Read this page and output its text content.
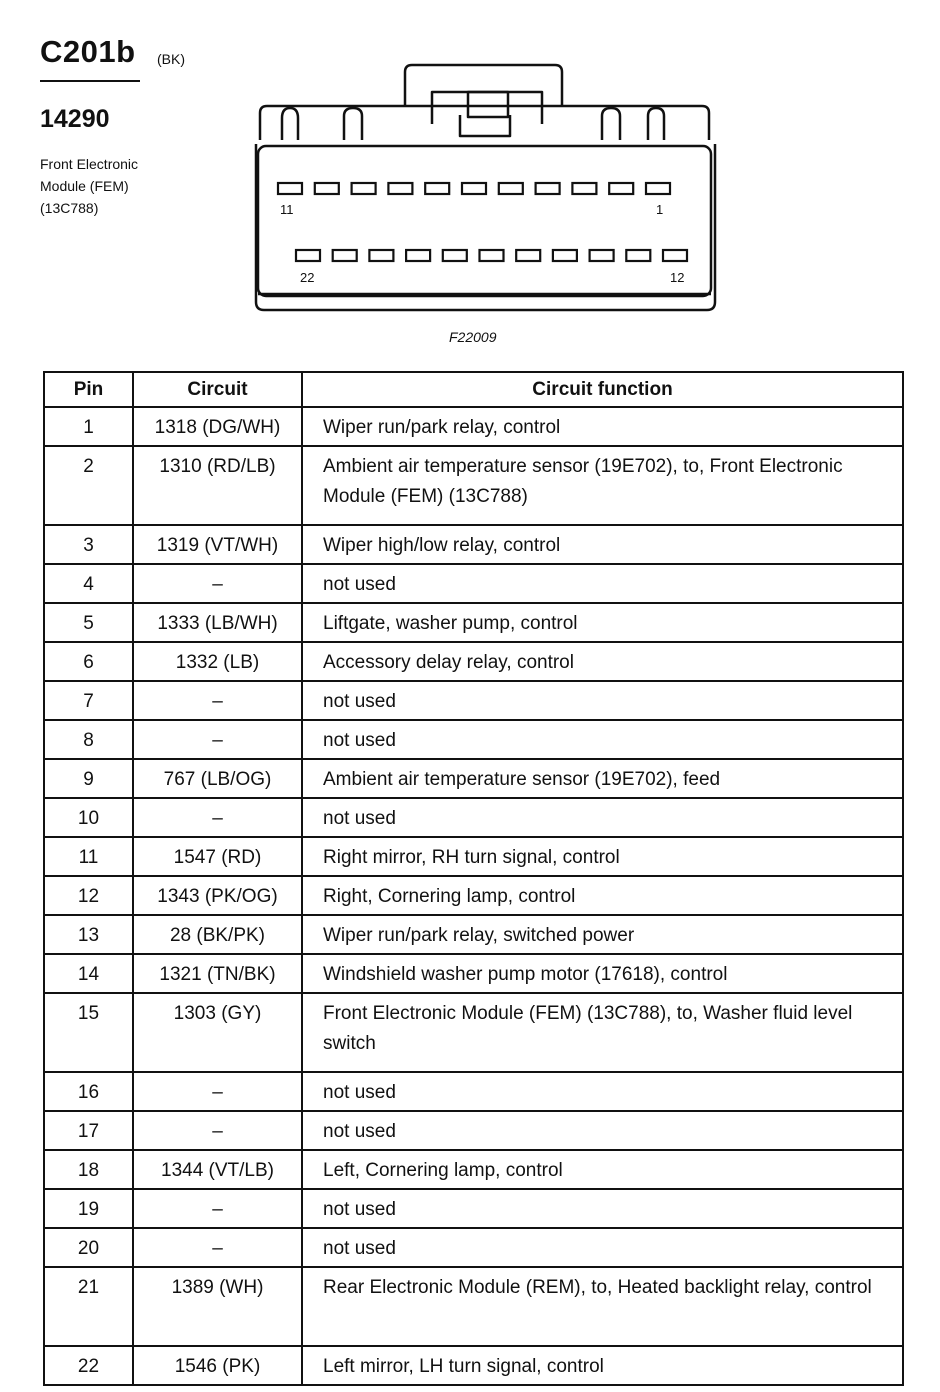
C201b (BK)
14290
Front Electronic
Module (FEM)
(13C788)	11	1
22	12
F22009
Pin	Circuit	Circuit function
1	1318 (DG/WH)	Wiper run/park relay, control
2	1310 (RD/LB)	Ambient air temperature sensor (19E702), to, Front Electronic Module (FEM) (13C788)
3	1319 (VT/WH)	Wiper high/low relay, control
4	–	not used
5	1333 (LB/WH)	Liftgate, washer pump, control
6	1332 (LB)	Accessory delay relay, control
7	–	not used
8	–	not used
9	767 (LB/OG)	Ambient air temperature sensor (19E702), feed
10	–	not used
11	1547 (RD)	Right mirror, RH turn signal, control
12	1343 (PK/OG)	Right, Cornering lamp, control
13	28 (BK/PK)	Wiper run/park relay, switched power
14	1321 (TN/BK)	Windshield washer pump motor (17618), control
15	1303 (GY)	Front Electronic Module (FEM) (13C788), to, Washer fluid level switch
16	–	not used
17	–	not used
18	1344 (VT/LB)	Left, Cornering lamp, control
19	–	not used
20	–	not used
21	1389 (WH)	Rear Electronic Module (REM), to, Heated backlight relay, control
22	1546 (PK)	Left mirror, LH turn signal, control
